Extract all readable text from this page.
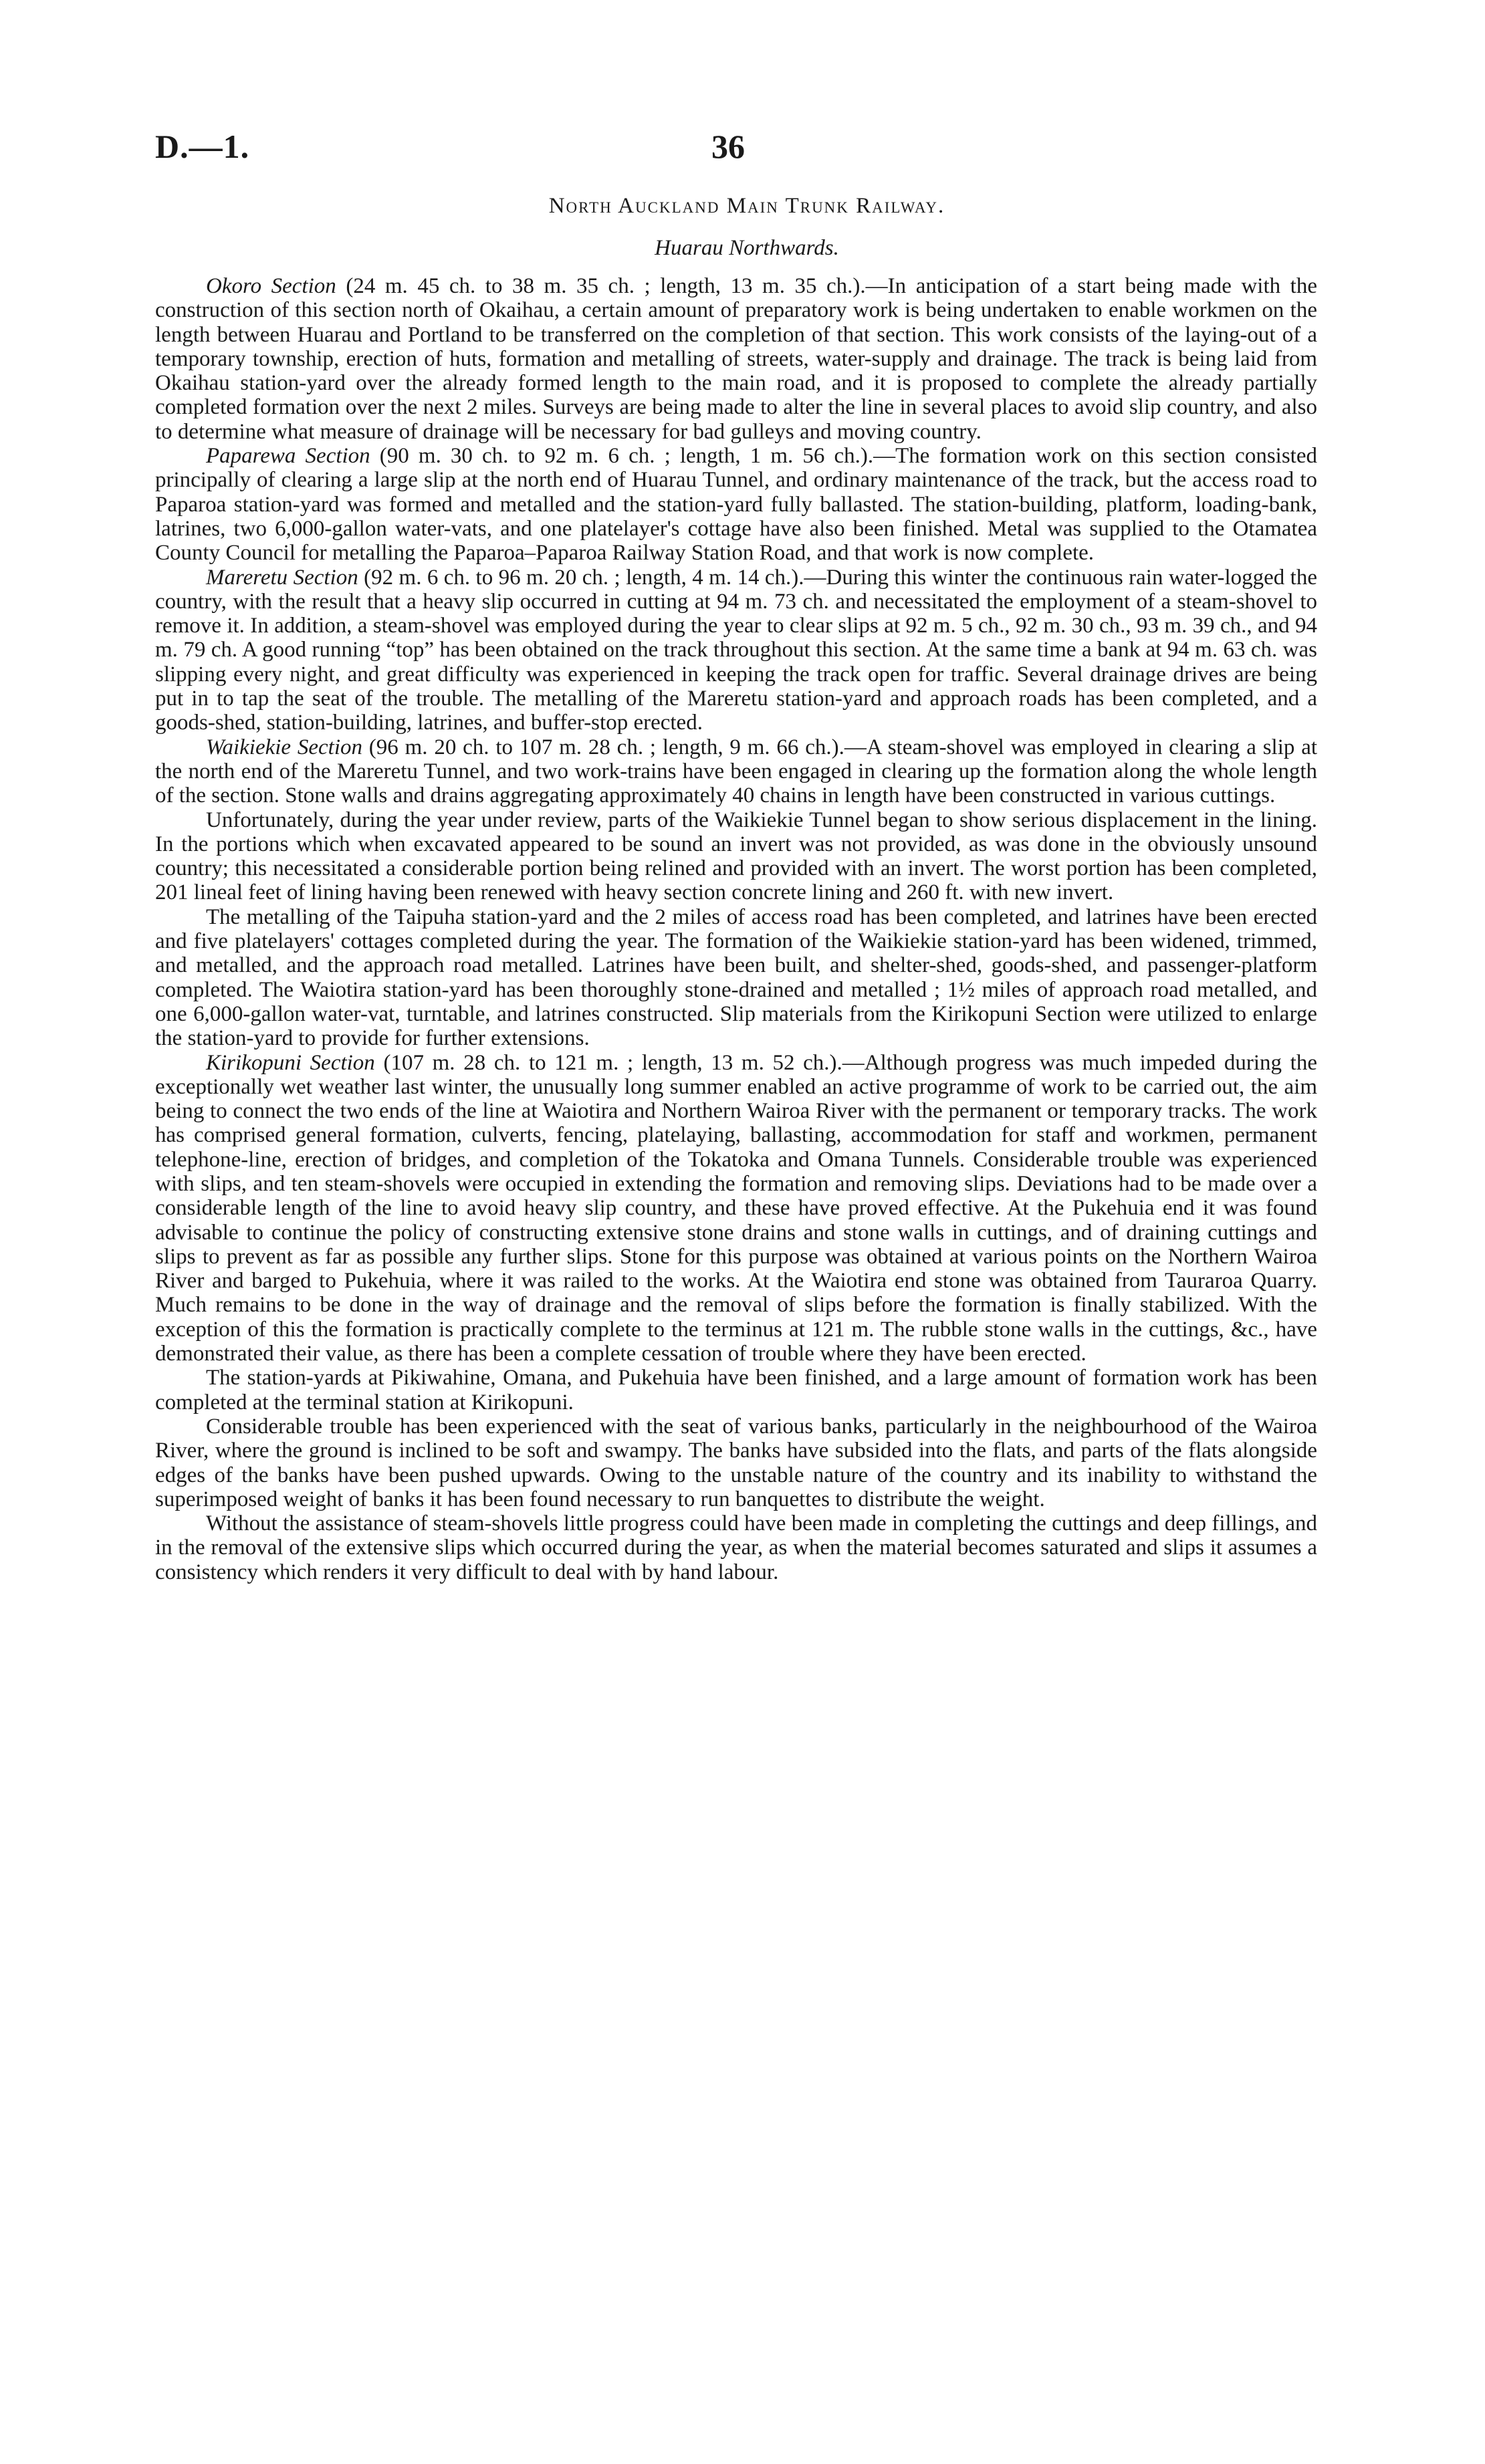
D.—1.	36
North Auckland Main Trunk Railway.
Huarau Northwards.

Okoro Section (24 m. 45 ch. to 38 m. 35 ch. ; length, 13 m. 35 ch.).—In anticipation of a start being made with the construction of this section north of Okaihau, a certain amount of preparatory work is being undertaken to enable workmen on the length between Huarau and Portland to be transferred on the completion of that section. This work consists of the laying-out of a temporary township, erection of huts, formation and metalling of streets, water-supply and drainage. The track is being laid from Okaihau station-yard over the already formed length to the main road, and it is proposed to complete the already partially completed formation over the next 2 miles. Surveys are being made to alter the line in several places to avoid slip country, and also to determine what measure of drainage will be necessary for bad gulleys and moving country.

Paparewa Section (90 m. 30 ch. to 92 m. 6 ch. ; length, 1 m. 56 ch.).—The formation work on this section consisted principally of clearing a large slip at the north end of Huarau Tunnel, and ordinary maintenance of the track, but the access road to Paparoa station-yard was formed and metalled and the station-yard fully ballasted. The station-building, platform, loading-bank, latrines, two 6,000-gallon water-vats, and one platelayer's cottage have also been finished. Metal was supplied to the Otamatea County Council for metalling the Paparoa–Paparoa Railway Station Road, and that work is now complete.

Mareretu Section (92 m. 6 ch. to 96 m. 20 ch. ; length, 4 m. 14 ch.).—During this winter the continuous rain water-logged the country, with the result that a heavy slip occurred in cutting at 94 m. 73 ch. and necessitated the employment of a steam-shovel to remove it. In addition, a steam-shovel was employed during the year to clear slips at 92 m. 5 ch., 92 m. 30 ch., 93 m. 39 ch., and 94 m. 79 ch. A good running “top” has been obtained on the track throughout this section. At the same time a bank at 94 m. 63 ch. was slipping every night, and great difficulty was experienced in keeping the track open for traffic. Several drainage drives are being put in to tap the seat of the trouble. The metalling of the Mareretu station-yard and approach roads has been completed, and a goods-shed, station-building, latrines, and buffer-stop erected.

Waikiekie Section (96 m. 20 ch. to 107 m. 28 ch. ; length, 9 m. 66 ch.).—A steam-shovel was employed in clearing a slip at the north end of the Mareretu Tunnel, and two work-trains have been engaged in clearing up the formation along the whole length of the section. Stone walls and drains aggregating approximately 40 chains in length have been constructed in various cuttings.

Unfortunately, during the year under review, parts of the Waikiekie Tunnel began to show serious displacement in the lining. In the portions which when excavated appeared to be sound an invert was not provided, as was done in the obviously unsound country; this necessitated a considerable portion being relined and provided with an invert. The worst portion has been completed, 201 lineal feet of lining having been renewed with heavy section concrete lining and 260 ft. with new invert.

The metalling of the Taipuha station-yard and the 2 miles of access road has been completed, and latrines have been erected and five platelayers' cottages completed during the year. The formation of the Waikiekie station-yard has been widened, trimmed, and metalled, and the approach road metalled. Latrines have been built, and shelter-shed, goods-shed, and passenger-platform completed. The Waiotira station-yard has been thoroughly stone-drained and metalled ; 1½ miles of approach road metalled, and one 6,000-gallon water-vat, turntable, and latrines constructed. Slip materials from the Kirikopuni Section were utilized to enlarge the station-yard to provide for further extensions.

Kirikopuni Section (107 m. 28 ch. to 121 m. ; length, 13 m. 52 ch.).—Although progress was much impeded during the exceptionally wet weather last winter, the unusually long summer enabled an active programme of work to be carried out, the aim being to connect the two ends of the line at Waiotira and Northern Wairoa River with the permanent or temporary tracks. The work has comprised general formation, culverts, fencing, platelaying, ballasting, accommodation for staff and workmen, permanent telephone-line, erection of bridges, and completion of the Tokatoka and Omana Tunnels. Considerable trouble was experienced with slips, and ten steam-shovels were occupied in extending the formation and removing slips. Deviations had to be made over a considerable length of the line to avoid heavy slip country, and these have proved effective. At the Pukehuia end it was found advisable to continue the policy of constructing extensive stone drains and stone walls in cuttings, and of draining cuttings and slips to prevent as far as possible any further slips. Stone for this purpose was obtained at various points on the Northern Wairoa River and barged to Pukehuia, where it was railed to the works. At the Waiotira end stone was obtained from Tauraroa Quarry. Much remains to be done in the way of drainage and the removal of slips before the formation is finally stabilized. With the exception of this the formation is practically complete to the terminus at 121 m. The rubble stone walls in the cuttings, &c., have demonstrated their value, as there has been a complete cessation of trouble where they have been erected.

The station-yards at Pikiwahine, Omana, and Pukehuia have been finished, and a large amount of formation work has been completed at the terminal station at Kirikopuni.

Considerable trouble has been experienced with the seat of various banks, particularly in the neighbourhood of the Wairoa River, where the ground is inclined to be soft and swampy. The banks have subsided into the flats, and parts of the flats alongside edges of the banks have been pushed upwards. Owing to the unstable nature of the country and its inability to withstand the superimposed weight of banks it has been found necessary to run banquettes to distribute the weight.

Without the assistance of steam-shovels little progress could have been made in completing the cuttings and deep fillings, and in the removal of the extensive slips which occurred during the year, as when the material becomes saturated and slips it assumes a consistency which renders it very difficult to deal with by hand labour.
